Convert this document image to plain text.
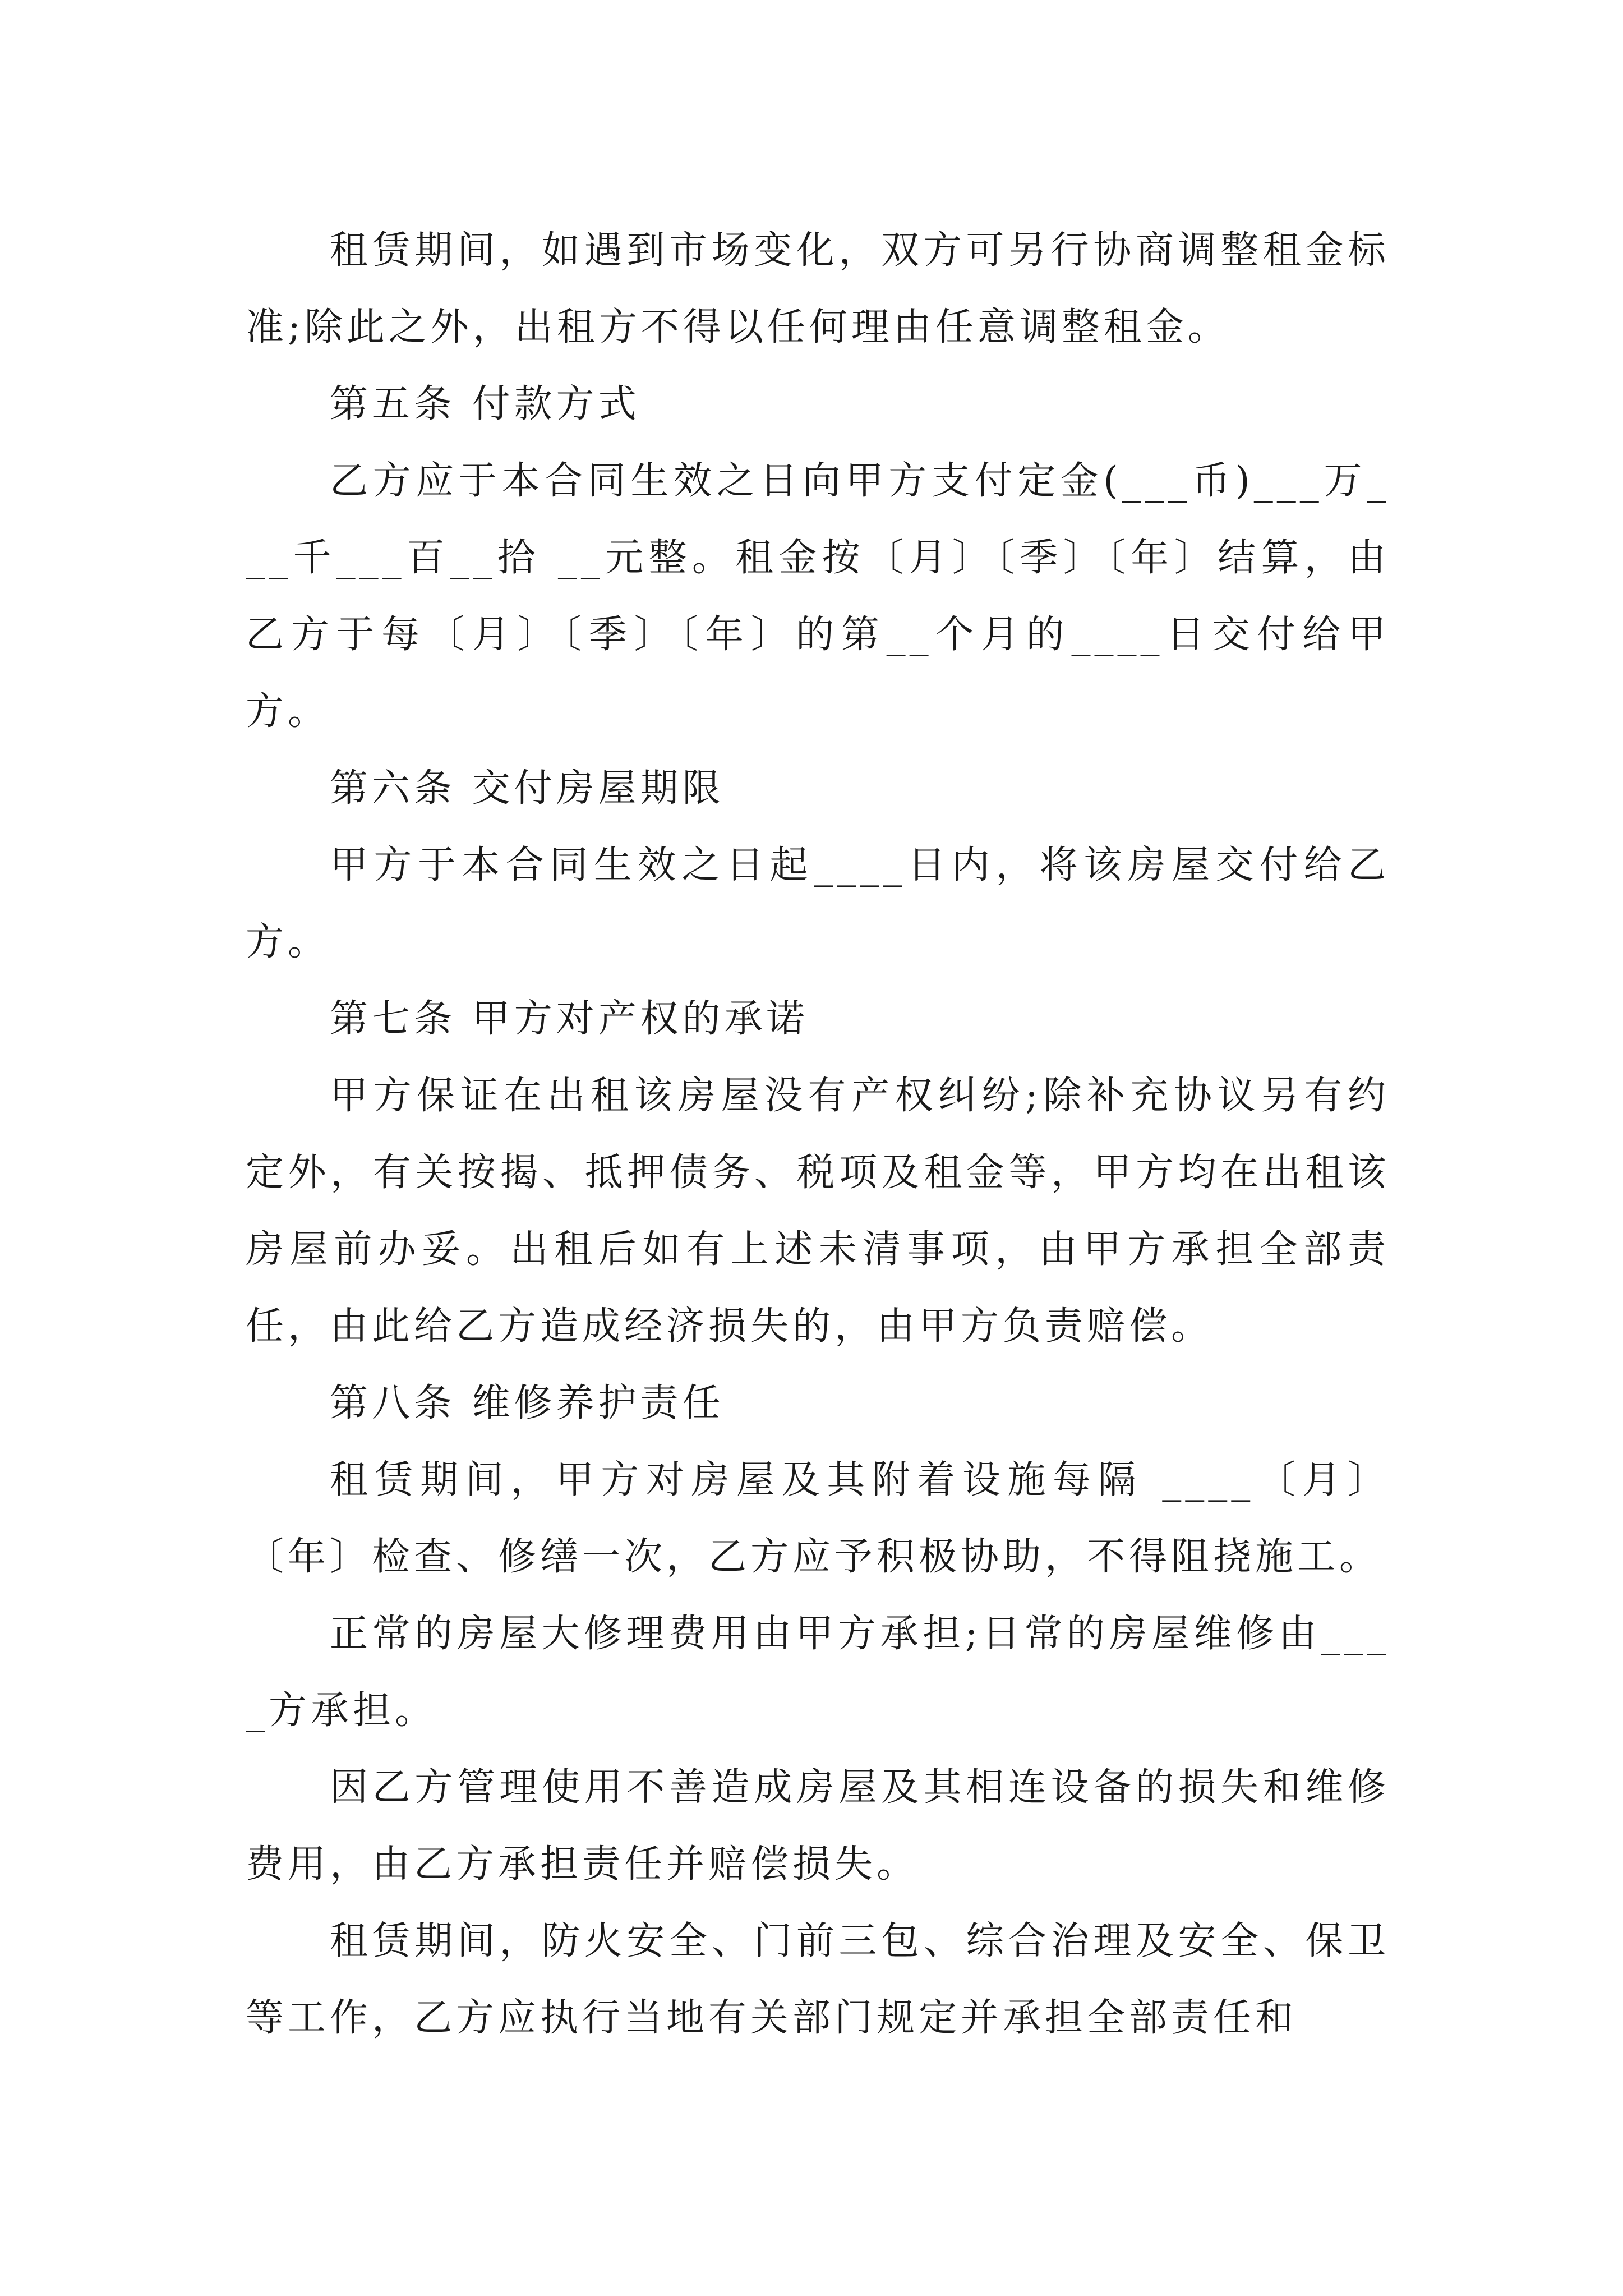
租赁期间，如遇到市场变化，双方可另行协商调整租金标准;除此之外，出租方不得以任何理由任意调整租金。

第五条 付款方式

乙方应于本合同生效之日向甲方支付定金(___币)___万___千___百__拾 __元整。租金按〔月〕〔季〕〔年〕结算，由乙方于每〔月〕〔季〕〔年〕的第__个月的____日交付给甲方。

第六条 交付房屋期限

甲方于本合同生效之日起____日内，将该房屋交付给乙方。

第七条 甲方对产权的承诺

甲方保证在出租该房屋没有产权纠纷;除补充协议另有约定外，有关按揭、抵押债务、税项及租金等，甲方均在出租该房屋前办妥。出租后如有上述未清事项，由甲方承担全部责任，由此给乙方造成经济损失的，由甲方负责赔偿。

第八条 维修养护责任

租赁期间，甲方对房屋及其附着设施每隔 ____〔月〕〔年〕检查、修缮一次，乙方应予积极协助，不得阻挠施工。

正常的房屋大修理费用由甲方承担;日常的房屋维修由____方承担。

因乙方管理使用不善造成房屋及其相连设备的损失和维修费用，由乙方承担责任并赔偿损失。

租赁期间，防火安全、门前三包、综合治理及安全、保卫等工作，乙方应执行当地有关部门规定并承担全部责任和
